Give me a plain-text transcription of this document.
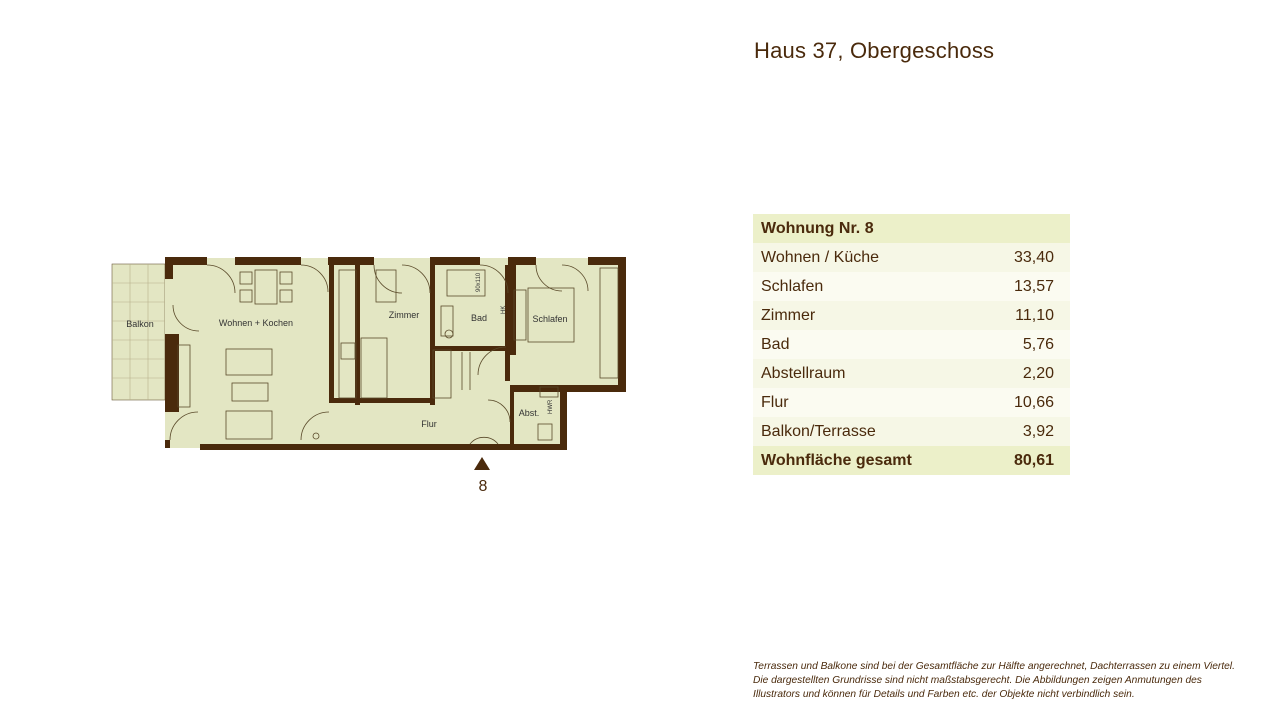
Haus 37, Obergeschoss
Balkon	Wohnen + Kochen
Zimmer	Bad	Schlafen
Flur
Abst.
HK
90x110
HWR
8
Wohnung Nr. 8	
Wohnen / Küche	33,40
Schlafen	13,57
Zimmer	11,10
Bad	5,76
Abstellraum	2,20
Flur	10,66
Balkon/Terrasse	3,92
Wohnfläche gesamt	80,61
Terrassen und Balkone sind bei der Gesamtfläche zur Hälfte angerechnet, Dachterrassen zu einem Viertel.
Die dargestellten Grundrisse sind nicht maßstabsgerecht. Die Abbildungen zeigen Anmutungen des
Illustrators und können für Details und Farben etc. der Objekte nicht verbindlich sein.
